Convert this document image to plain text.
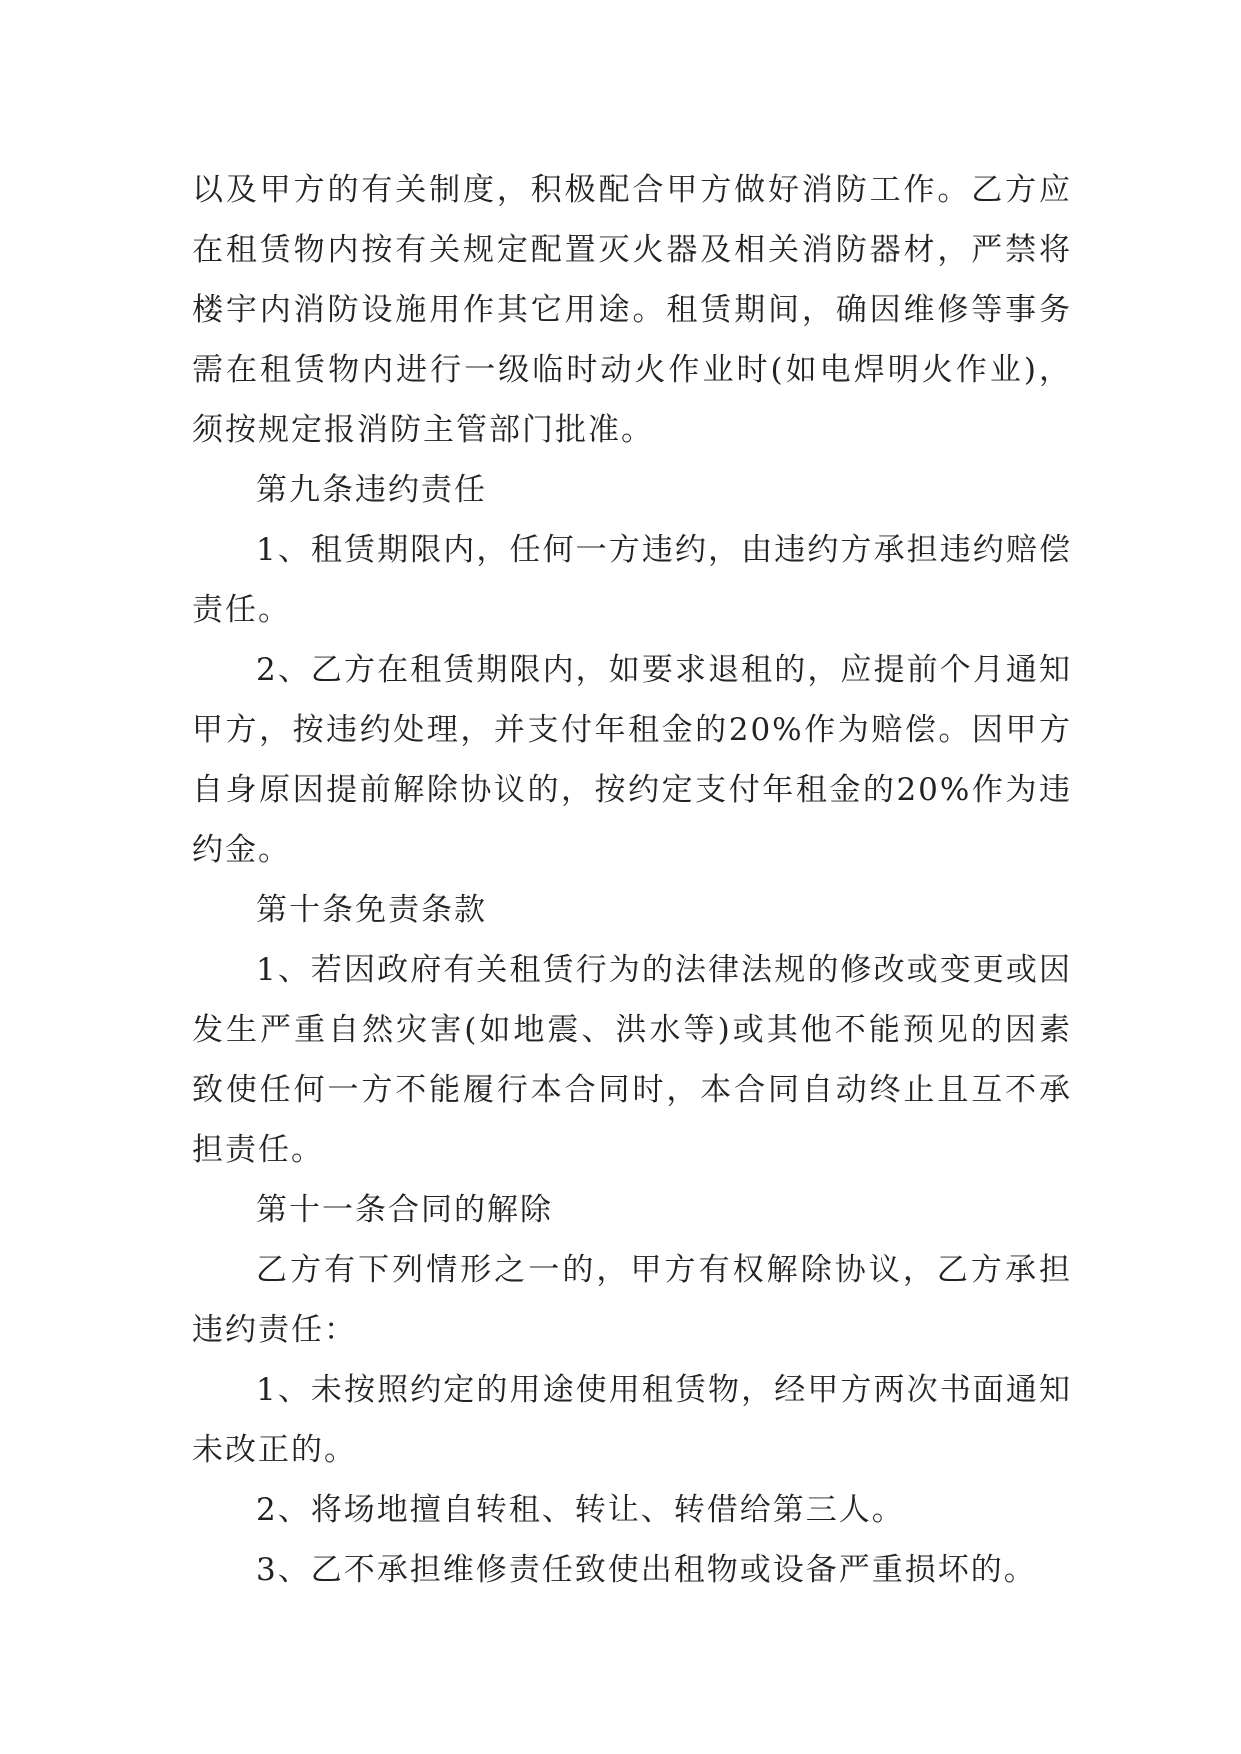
以及甲方的有关制度，积极配合甲方做好消防工作。乙方应在租赁物内按有关规定配置灭火器及相关消防器材，严禁将楼宇内消防设施用作其它用途。租赁期间，确因维修等事务需在租赁物内进行一级临时动火作业时(如电焊明火作业)，须按规定报消防主管部门批准。

第九条违约责任

1、租赁期限内，任何一方违约，由违约方承担违约赔偿责任。

2、乙方在租赁期限内，如要求退租的，应提前个月通知甲方，按违约处理，并支付年租金的20%作为赔偿。因甲方自身原因提前解除协议的，按约定支付年租金的20%作为违约金。

第十条免责条款

1、若因政府有关租赁行为的法律法规的修改或变更或因发生严重自然灾害(如地震、洪水等)或其他不能预见的因素致使任何一方不能履行本合同时，本合同自动终止且互不承担责任。

第十一条合同的解除

乙方有下列情形之一的，甲方有权解除协议，乙方承担违约责任：

1、未按照约定的用途使用租赁物，经甲方两次书面通知未改正的。

2、将场地擅自转租、转让、转借给第三人。

3、乙不承担维修责任致使出租物或设备严重损坏的。
